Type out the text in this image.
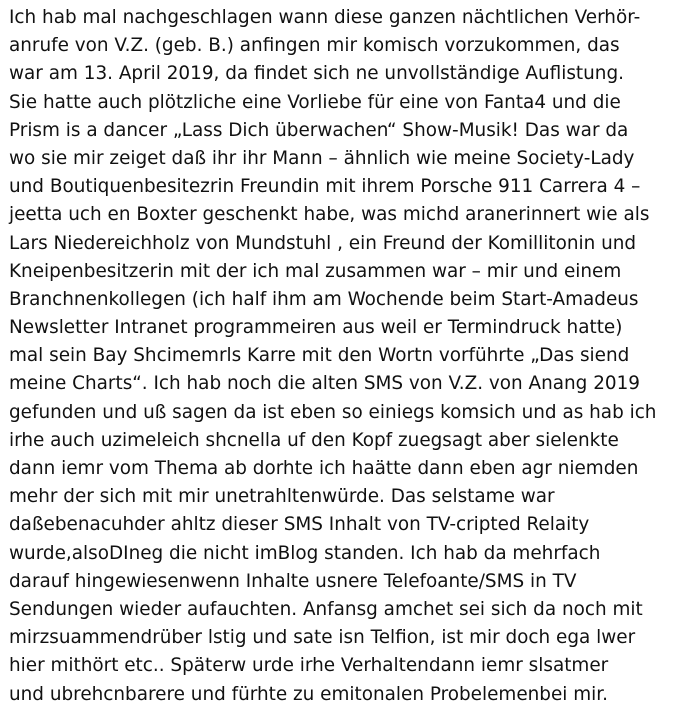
Ich hab mal nachgeschlagen wann diese ganzen nächtlichen Verhör-
anrufe von V.Z. (geb. B.) anfingen mir komisch vorzukommen, das
war am 13. April 2019, da findet sich ne unvollständige Auflistung.
Sie hatte auch plötzliche eine Vorliebe für eine von Fanta4 und die
Prism is a dancer „Lass Dich überwachen“ Show-Musik! Das war da
wo sie mir zeiget daß ihr ihr Mann – ähnlich wie meine Society-Lady
und Boutiquenbesitezrin Freundin mit ihrem Porsche 911 Carrera 4 –
jeetta uch en Boxter geschenkt habe, was michd aranerinnert wie als
Lars Niedereichholz von Mundstuhl , ein Freund der Komillitonin und
Kneipenbesitzerin mit der ich mal zusammen war – mir und einem
Branchnenkollegen (ich half ihm am Wochende beim Start-Amadeus
Newsletter Intranet programmeiren aus weil er Termindruck hatte)
mal sein Bay Shcimemrls Karre mit den Wortn vorführte „Das siend
meine Charts“. Ich hab noch die alten SMS von V.Z. von Anang 2019
gefunden und uß sagen da ist eben so einiegs komsich und as hab ich
irhe auch uzimeleich shcnella uf den Kopf zuegsagt aber sielenkte
dann iemr vom Thema ab dorhte ich haätte dann eben agr niemden
mehr der sich mit mir unetrahltenwürde. Das selstame war
daßebenacuhder ahltz dieser SMS Inhalt von TV-cripted Relaity
wurde,alsoDIneg die nicht imBlog standen. Ich hab da mehrfach
darauf hingewiesenwenn Inhalte usnere Telefoante/SMS in TV
Sendungen wieder aufauchten. Anfansg amchet sei sich da noch mit
mirzsuammendrüber lstig und sate isn Telfion, ist mir doch ega lwer
hier mithört etc.. Späterw urde irhe Verhaltendann iemr slsatmer
und ubrehcnbarere und fürhte zu emitonalen Probelemenbei mir.
